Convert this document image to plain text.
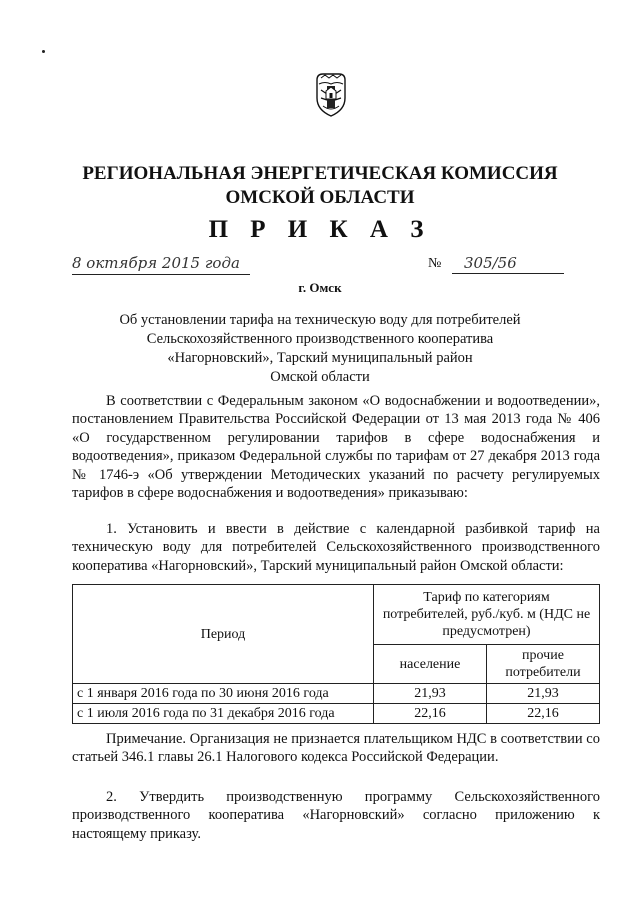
РЕГИОНАЛЬНАЯ ЭНЕРГЕТИЧЕСКАЯ КОМИССИЯ
ОМСКОЙ ОБЛАСТИ
П Р И К А З
8 октября 2015 года	№	305/56
г. Омск
Об установлении тарифа на техническую воду для потребителей
Сельскохозяйственного производственного кооператива
«Нагорновский», Тарский муниципальный район
Омской области
В соответствии с Федеральным законом «О водоснабжении и водоотведении», постановлением Правительства Российской Федерации от 13 мая 2013 года № 406 «О государственном регулировании тарифов в сфере водоснабжения и водоотведения», приказом Федеральной службы по тарифам от 27 декабря 2013 года № 1746-э «Об утверждении Методических указаний по расчету регулируемых тарифов в сфере водоснабжения и водоотведения» приказываю:
1. Установить и ввести в действие с календарной разбивкой тариф на техническую воду для потребителей Сельскохозяйственного производственного кооператива «Нагорновский», Тарский муниципальный район Омской области:
Период	Тариф по категориям потребителей, руб./куб. м (НДС не предусмотрен)	
	население	прочие потребители
с 1 января 2016 года по 30 июня 2016 года	21,93	21,93
с 1 июля 2016 года по 31 декабря 2016 года	22,16	22,16
Примечание. Организация не признается плательщиком НДС в соответствии со статьей 346.1 главы 26.1 Налогового кодекса Российской Федерации.
2. Утвердить производственную программу Сельскохозяйственного производственного кооператива «Нагорновский» согласно приложению к настоящему приказу.
